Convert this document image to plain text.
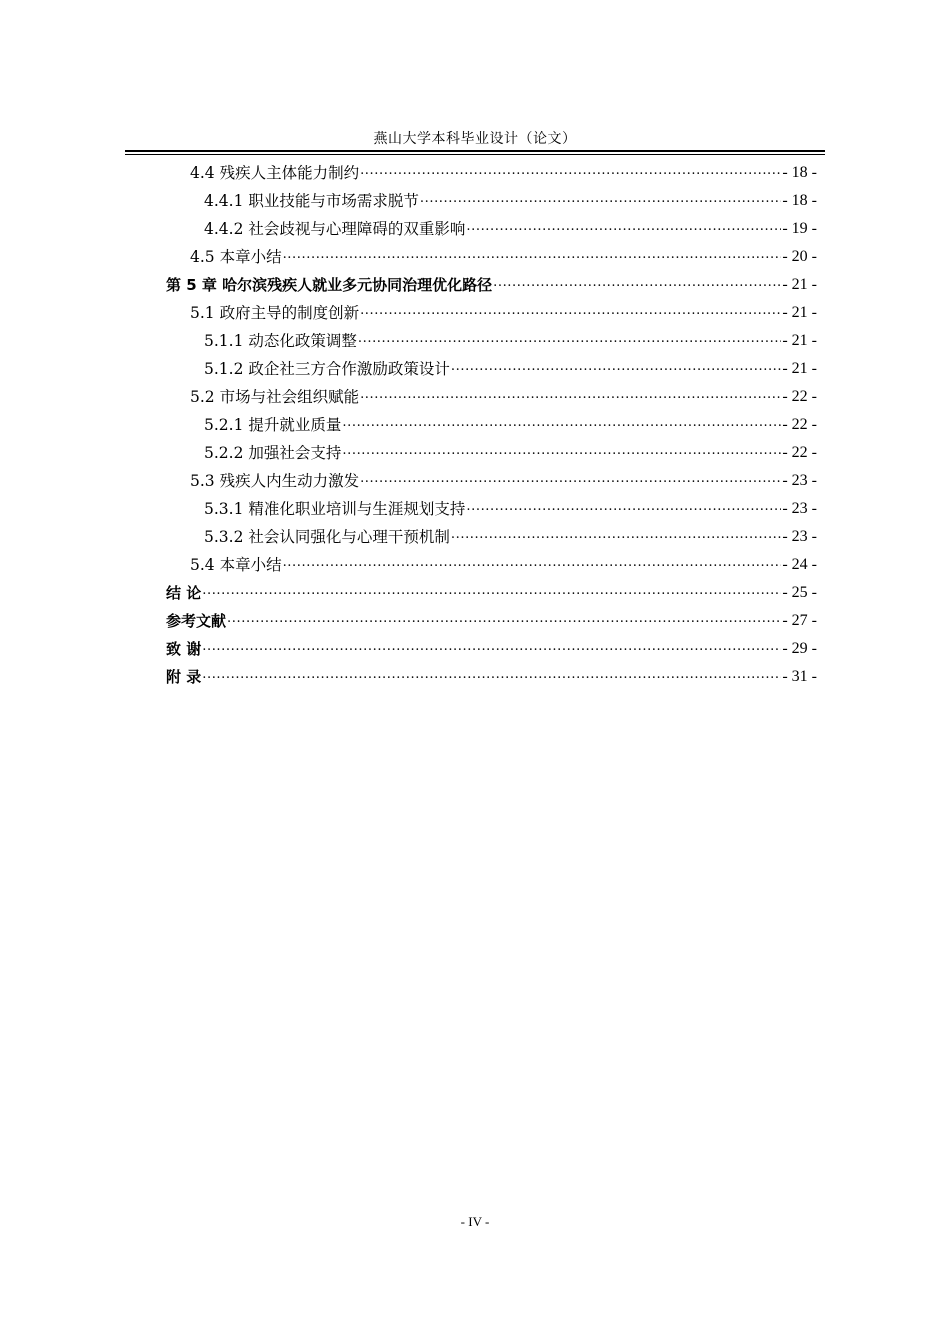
燕山大学本科毕业设计（论文）
4.4 残疾人主体能力制约 .....	- 18 -
4.4.1 职业技能与市场需求脱节 .....	- 18 -
4.4.2 社会歧视与心理障碍的双重影响 .....	- 19 -
4.5 本章小结 .....	- 20 -
第 5 章 哈尔滨残疾人就业多元协同治理优化路径 .....	- 21 -
5.1 政府主导的制度创新 .....	- 21 -
5.1.1 动态化政策调整 .....	- 21 -
5.1.2 政企社三方合作激励政策设计 .....	- 21 -
5.2 市场与社会组织赋能 .....	- 22 -
5.2.1 提升就业质量 .....	- 22 -
5.2.2 加强社会支持 .....	- 22 -
5.3 残疾人内生动力激发 .....	- 23 -
5.3.1 精准化职业培训与生涯规划支持 .....	- 23 -
5.3.2 社会认同强化与心理干预机制 .....	- 23 -
5.4 本章小结 .....	- 24 -
结 论 .....	- 25 -
参考文献 .....	- 27 -
致 谢 .....	- 29 -
附 录 .....	- 31 -
- IV -
